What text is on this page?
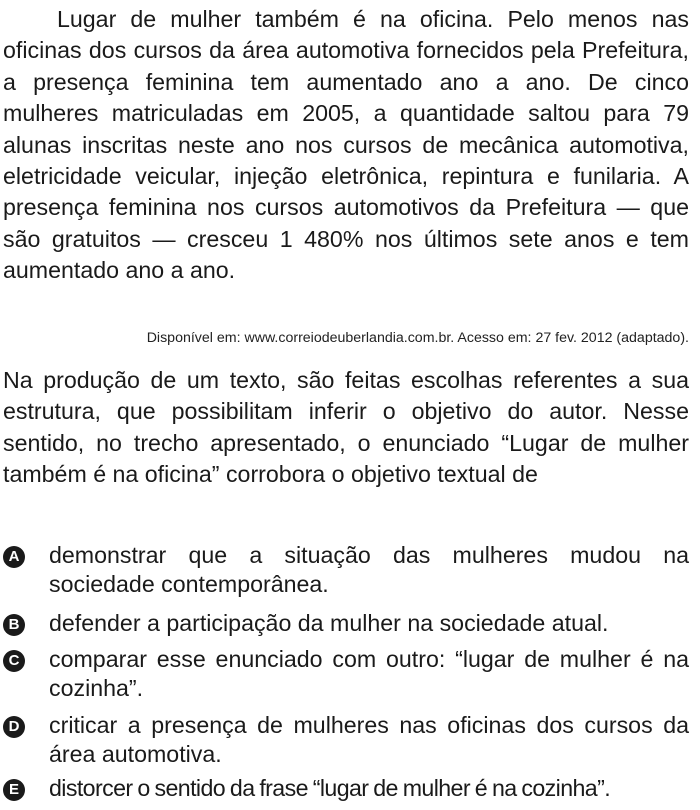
Lugar de mulher também é na oficina. Pelo menos nas oficinas dos cursos da área automotiva fornecidos pela Prefeitura, a presença feminina tem aumentado ano a ano. De cinco mulheres matriculadas em 2005, a quantidade saltou para 79 alunas inscritas neste ano nos cursos de mecânica automotiva, eletricidade veicular, injeção eletrônica, repintura e funilaria. A presença feminina nos cursos automotivos da Prefeitura — que são gratuitos — cresceu 1 480% nos últimos sete anos e tem aumentado ano a ano.

Disponível em: www.correiodeuberlandia.com.br. Acesso em: 27 fev. 2012 (adaptado).

Na produção de um texto, são feitas escolhas referentes a sua estrutura, que possibilitam inferir o objetivo do autor. Nesse sentido, no trecho apresentado, o enunciado “Lugar de mulher também é na oficina” corrobora o objetivo textual de

A demonstrar que a situação das mulheres mudou na sociedade contemporânea.

B defender a participação da mulher na sociedade atual.

C comparar esse enunciado com outro: “lugar de mulher é na cozinha”.

D criticar a presença de mulheres nas oficinas dos cursos da área automotiva.

E distorcer o sentido da frase “lugar de mulher é na cozinha”.
